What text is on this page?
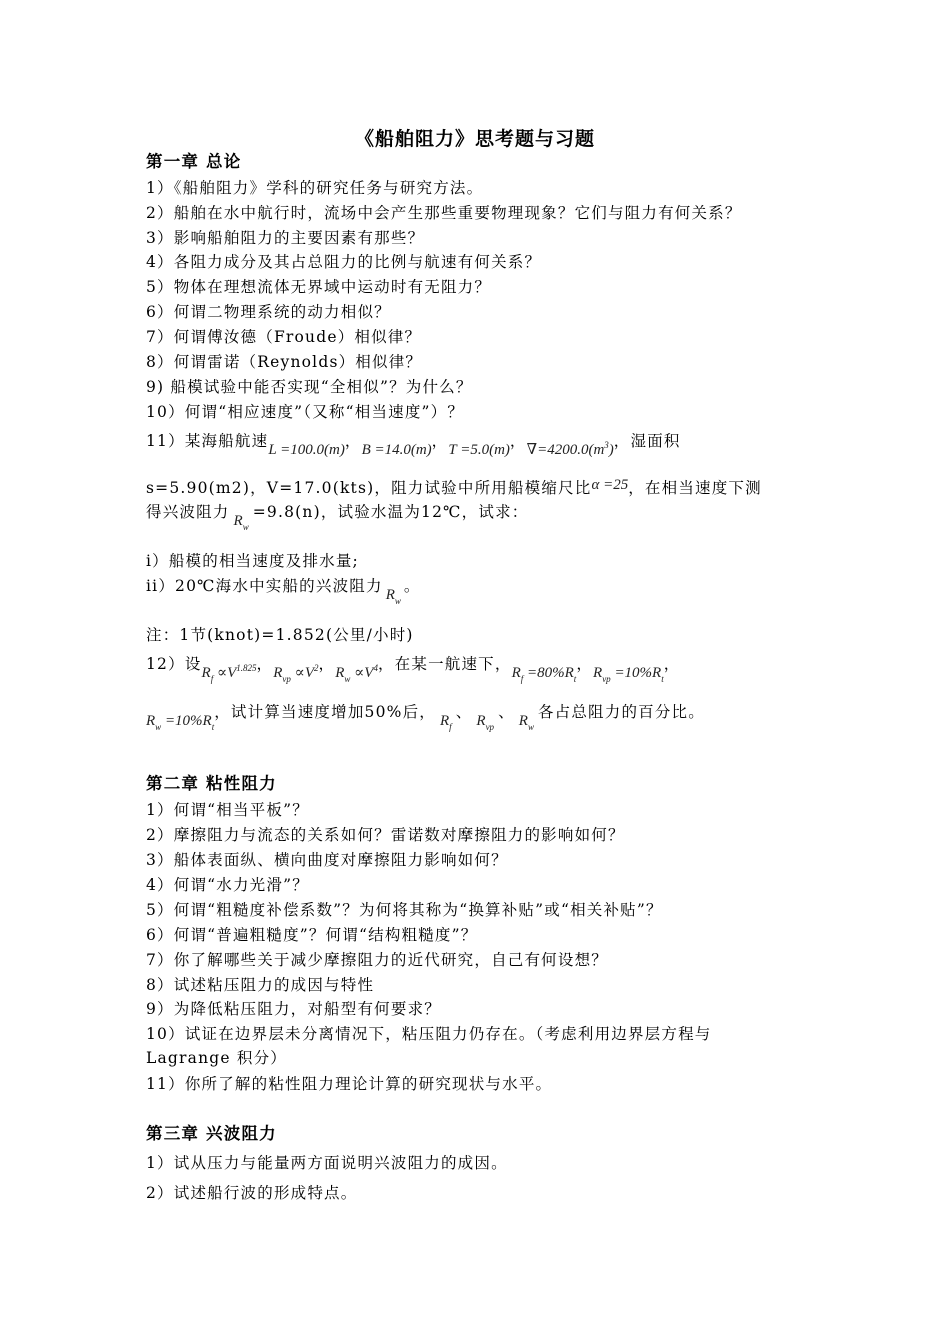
《船舶阻力》思考题与习题
第一章 总论
1）《船舶阻力》学科的研究任务与研究方法。
2）船舶在水中航行时，流场中会产生那些重要物理现象？它们与阻力有何关系？
3）影响船舶阻力的主要因素有那些？
4）各阻力成分及其占总阻力的比例与航速有何关系？
5）物体在理想流体无界域中运动时有无阻力？
6）何谓二物理系统的动力相似？
7）何谓傅汝德（Froude）相似律？
8）何谓雷诺（Reynolds）相似律？
9) 船模试验中能否实现“全相似”？为什么？
10）何谓“相应速度”（又称“相当速度”）？
11）某海船航速L =100.0(m)，B =14.0(m)，T =5.0(m)，$\nabla=4200.0(m^3)$，湿面积
s=5.90(m2)，V=17.0(kts)，阻力试验中所用船模缩尺比α =25，在相当速度下测
得兴波阻力 $R_w=9.8(n)$，试验水温为12℃，试求：
i）船模的相当速度及排水量;
ii）20℃海水中实船的兴波阻力 $R_w$。
注：1节(knot)=1.852(公里/小时)
12）设$R_f \propto V^{1.825}$，$R_{vp} \propto V^2$，$R_w \propto V^4$，在某一航速下，$R_f =80\%R_t$，$R_{vp} =10\%R_t$，
$R_w =10\%R_t$，试计算当速度增加50%后， $R_f$、 $R_{vp}$、 $R_w$各占总阻力的百分比。
第二章 粘性阻力
1）何谓“相当平板”？
2）摩擦阻力与流态的关系如何？雷诺数对摩擦阻力的影响如何？
3）船体表面纵、横向曲度对摩擦阻力影响如何？
4）何谓“水力光滑”？
5）何谓“粗糙度补偿系数”？为何将其称为“换算补贴”或“相关补贴”？
6）何谓“普遍粗糙度”？何谓“结构粗糙度”？
7）你了解哪些关于减少摩擦阻力的近代研究，自己有何设想？
8）试述粘压阻力的成因与特性
9）为降低粘压阻力，对船型有何要求？
10）试证在边界层未分离情况下，粘压阻力仍存在。（考虑利用边界层方程与
Lagrange 积分）
11）你所了解的粘性阻力理论计算的研究现状与水平。
第三章 兴波阻力
1）试从压力与能量两方面说明兴波阻力的成因。
2）试述船行波的形成特点。
